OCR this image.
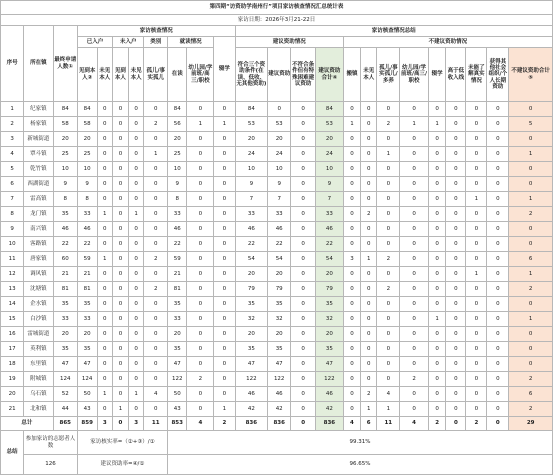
第四期“访资助学南州行”项目家访核查情况汇总统计表																							
家访日期：2026年3月21-22日																							
序号	所在镇	最终申请人数①	家访核查情况								家访核查情况总结												
			已入户		未入户		类别	就读情况		辍学	建议资助情况				不建议资助情况								
			见到本人②	未见本人	见到本人	未见本人	孤儿/事实孤儿	在读	幼儿园/学前班/高三/职校		符合三个资助条件(在读、低收、无其他资助)	建议资助	不符合条件但有特殊困难建议资助	建议资助合计④	搬镇	未见本人	孤儿/事实孤儿/多养	幼儿园/学前班/高三/职校	辍学	高于低收入线	未能了解真实情况	获得其他社会组织/个人长期资助	不建议资助合计⑤

1	纪家镇	84	84	0	0	0	0	84	0	0	84	0	0	84	0	0	0	0	0	0	0	0	0
2	杨家镇	58	58	0	0	0	2	56	1	1	53	53	0	53	1	0	2	1	1	0	0	0	5
3	新城街道	20	20	0	0	0	0	20	0	0	20	20	0	20	0	0	0	0	0	0	0	0	0
4	覃斗镇	25	25	0	0	0	1	25	0	0	24	24	0	24	0	0	1	0	0	0	0	0	1
5	乾竹镇	10	10	0	0	0	0	10	0	0	10	10	0	10	0	0	0	0	0	0	0	0	0
6	西湖街道	9	9	0	0	0	0	9	0	0	9	9	0	9	0	0	0	0	0	0	0	0	0
7	雷高镇	8	8	0	0	0	0	8	0	0	7	7	0	7	0	0	0	0	0	0	1	0	1
8	龙门镇	35	33	1	0	1	0	33	0	0	33	33	0	33	0	2	0	0	0	0	0	0	2
9	南兴镇	46	46	0	0	0	0	46	0	0	46	46	0	46	0	0	0	0	0	0	0	0	0
10	客路镇	22	22	0	0	0	0	22	0	0	22	22	0	22	0	0	0	0	0	0	0	0	0
11	唐家镇	60	59	1	0	0	2	59	0	0	54	54	0	54	3	1	2	0	0	0	0	0	6
12	调风镇	21	21	0	0	0	0	21	0	0	20	20	0	20	0	0	0	0	0	0	1	0	1
13	沈塘镇	81	81	0	0	0	2	81	0	0	79	79	0	79	0	0	2	0	0	0	0	0	2
14	企水镇	35	35	0	0	0	0	35	0	0	35	35	0	35	0	0	0	0	0	0	0	0	0
15	白沙镇	33	33	0	0	0	0	33	0	0	32	32	0	32	0	0	0	0	1	0	0	0	1
16	雷城街道	20	20	0	0	0	0	20	0	0	20	20	0	20	0	0	0	0	0	0	0	0	0
17	英利镇	35	35	0	0	0	0	35	0	0	35	35	0	35	0	0	0	0	0	0	0	0	0
18	东里镇	47	47	0	0	0	0	47	0	0	47	47	0	47	0	0	0	0	0	0	0	0	0
19	附城镇	124	124	0	0	0	0	122	2	0	122	122	0	122	0	0	0	2	0	0	0	0	2
20	乌石镇	52	50	1	0	1	4	50	0	0	46	46	0	46	0	2	4	0	0	0	0	0	6
21	北和镇	44	43	0	1	0	0	43	0	1	42	42	0	42	0	1	1	0	0	0	0	0	2
总计		865	859	3	0	3	11	853	4	2	836	836	0	836	4	6	11	4	2	0	2	0	29
总结	参加家访的志愿者人数		家访核实率=（②+③）/①					99.31%															
	126		建议资助率=④/①					96.65%															
